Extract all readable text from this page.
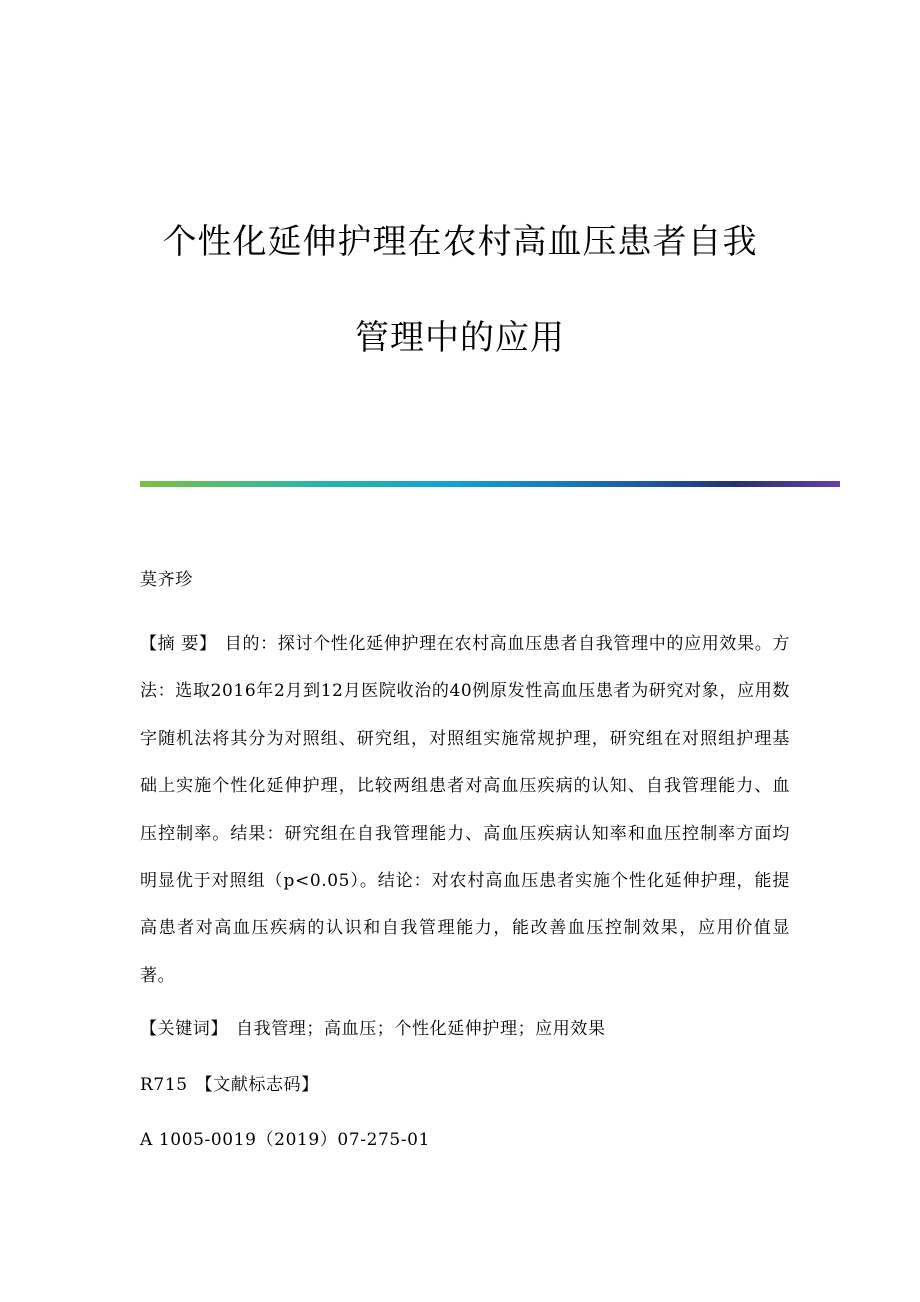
个性化延伸护理在农村高血压患者自我
管理中的应用

莫齐珍

【摘 要】 目的：探讨个性化延伸护理在农村高血压患者自我管理中的应用效果。方法：选取2016年2月到12月医院收治的40例原发性高血压患者为研究对象，应用数字随机法将其分为对照组、研究组，对照组实施常规护理，研究组在对照组护理基础上实施个性化延伸护理，比较两组患者对高血压疾病的认知、自我管理能力、血压控制率。结果：研究组在自我管理能力、高血压疾病认知率和血压控制率方面均明显优于对照组（p<0.05）。结论：对农村高血压患者实施个性化延伸护理，能提高患者对高血压疾病的认识和自我管理能力，能改善血压控制效果，应用价值显著。

【关键词】 自我管理；高血压；个性化延伸护理；应用效果

R715 【文献标志码】

A 1005-0019（2019）07-275-01
